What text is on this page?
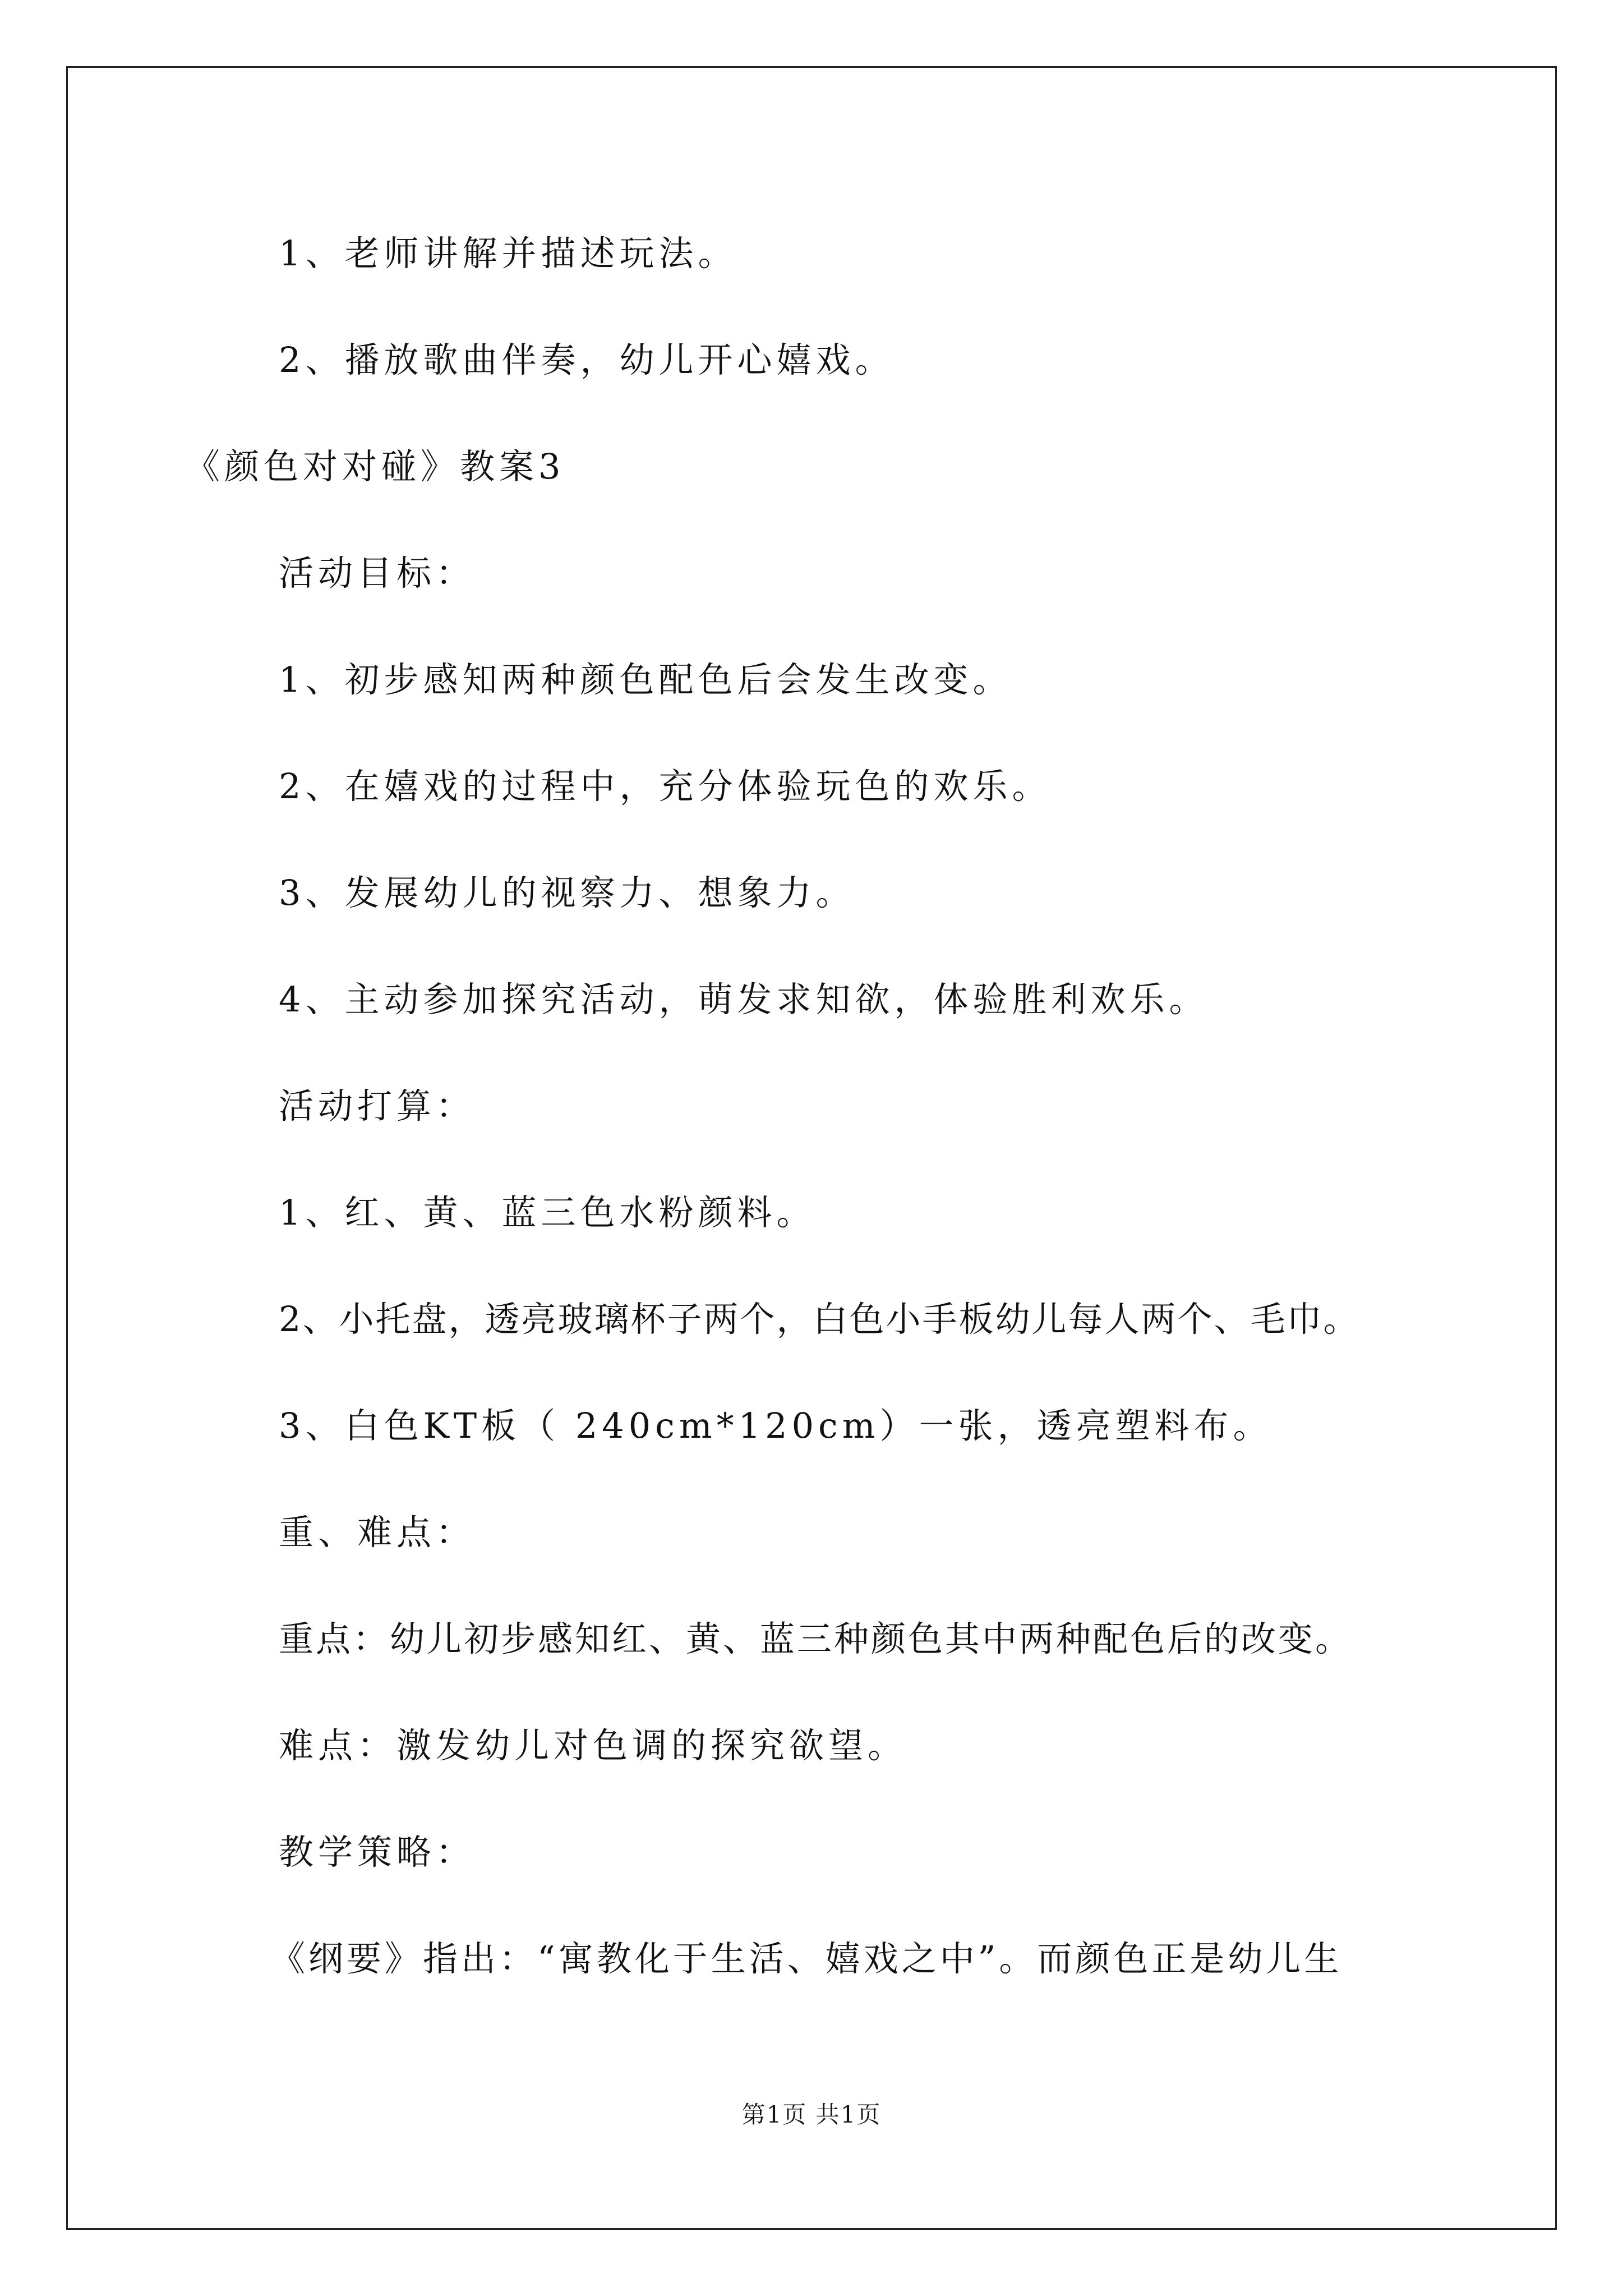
1、老师讲解并描述玩法。
2、播放歌曲伴奏，幼儿开心嬉戏。
《颜色对对碰》教案3
活动目标：
1、初步感知两种颜色配色后会发生改变。
2、在嬉戏的过程中，充分体验玩色的欢乐。
3、发展幼儿的视察力、想象力。
4、主动参加探究活动，萌发求知欲，体验胜利欢乐。
活动打算：
1、红、黄、蓝三色水粉颜料。
2、小托盘，透亮玻璃杯子两个，白色小手板幼儿每人两个、毛巾。
3、白色KT板（ 240cm*120cm）一张，透亮塑料布。
重、难点：
重点：幼儿初步感知红、黄、蓝三种颜色其中两种配色后的改变。
难点：激发幼儿对色调的探究欲望。
教学策略：
《纲要》指出：“寓教化于生活、嬉戏之中”。而颜色正是幼儿生
第1页 共1页
